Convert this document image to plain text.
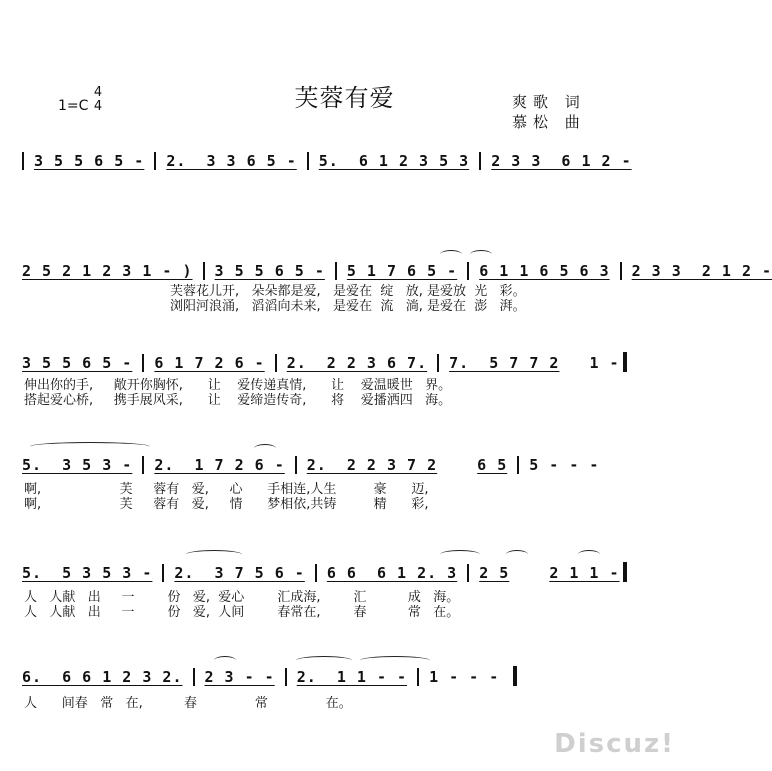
芙蓉有爱
1=C
4
4	爽歌 词
慕松 曲
3 5 5 6 5 - 2.  3 3 6 5 - 5.  6 1 2 3 5 3 2 3 3  6 1 2 -
2 5 2 1 2 3 1 - ) 3 5 5 6 5 - 5 1 7 6 5 - 6 1 1 6 5 6 3 2 3 3  2 1 2 -
芙蓉花儿开,   朵朵都是爱,   是爱在  绽   放, 是爱放  光   彩。
浏阳河浪涌,   滔滔向未来,   是爱在  流   淌, 是爱在  澎   湃。
3 5 5 6 5 - 6 1 7 2 6 - 2.  2 2 3 6 7. 7.  5 7 7 2 1 -
伸出你的手,     敞开你胸怀,      让    爱传递真情,      让    爱温暖世   界。
搭起爱心桥,     携手展风采,      让    爱缔造传奇,      将    爱播洒四   海。
5.  3 5 3 - 2.  1 7 2 6 - 2.  2 2 3 7 2	6 5 5 - - -
啊,                   芙     蓉有   爱,     心      手相连,人生         豪      迈,
啊,                   芙     蓉有   爱,     情      梦相依,共铸         精      彩,
5.  5 3 5 3 - 2.  3 7 5 6 - 6 6  6 1 2. 3 2 5	2 1 1 -
人   人献   出     一        份   爱,  爱心        汇成海,        汇          成   海。
人   人献   出     一        份   爱,  人间        春常在,        春          常   在。
6.  6 6 1 2 3 2. 2 3 - - 2.  1 1 - - 1 - - -
人      间春   常   在,          春              常              在。
Discuz!
